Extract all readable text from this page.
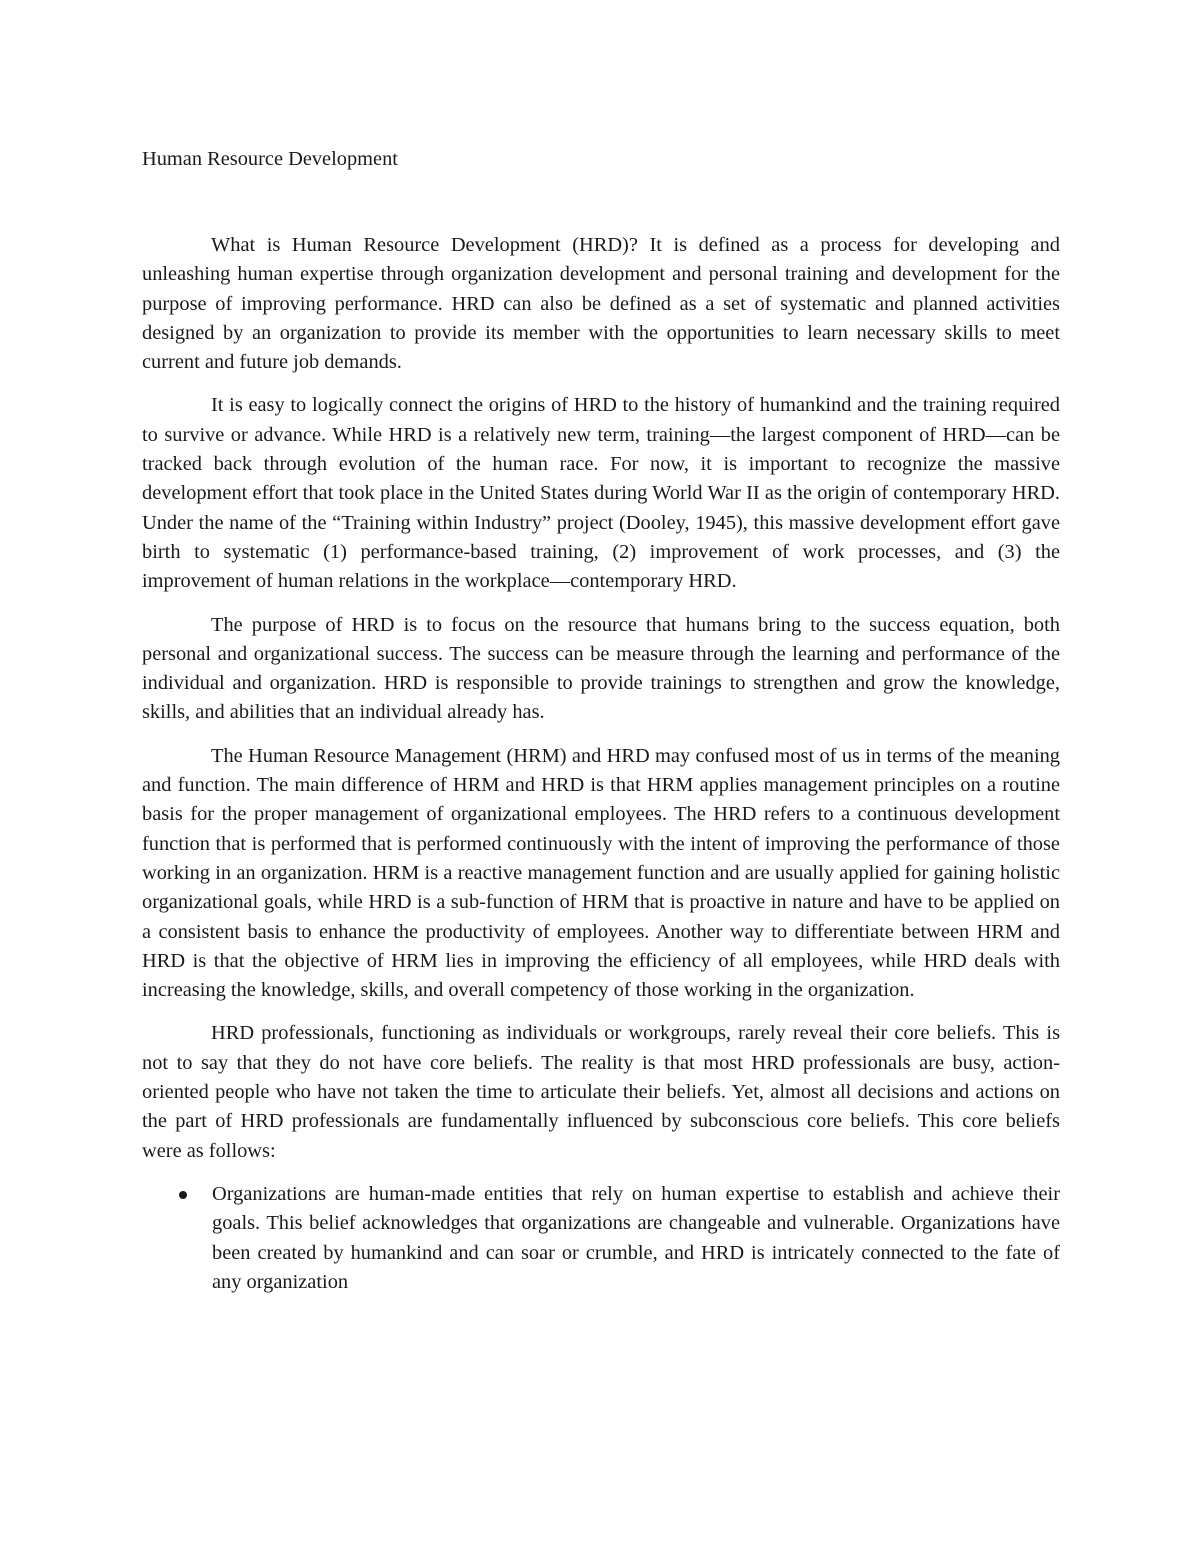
Human Resource Development

What is Human Resource Development (HRD)? It is defined as a process for developing and unleashing human expertise through organization development and personal training and development for the purpose of improving performance. HRD can also be defined as a set of systematic and planned activities designed by an organization to provide its member with the opportunities to learn necessary skills to meet current and future job demands.

It is easy to logically connect the origins of HRD to the history of humankind and the training required to survive or advance. While HRD is a relatively new term, training—the largest component of HRD—can be tracked back through evolution of the human race. For now, it is important to recognize the massive development effort that took place in the United States during World War II as the origin of contemporary HRD. Under the name of the “Training within Industry” project (Dooley, 1945), this massive development effort gave birth to systematic (1) performance-based training, (2) improvement of work processes, and (3) the improvement of human relations in the workplace—contemporary HRD.

The purpose of HRD is to focus on the resource that humans bring to the success equation, both personal and organizational success. The success can be measure through the learning and performance of the individual and organization. HRD is responsible to provide trainings to strengthen and grow the knowledge, skills, and abilities that an individual already has.

The Human Resource Management (HRM) and HRD may confused most of us in terms of the meaning and function. The main difference of HRM and HRD is that HRM applies management principles on a routine basis for the proper management of organizational employees. The HRD refers to a continuous development function that is performed that is performed continuously with the intent of improving the performance of those working in an organization. HRM is a reactive management function and are usually applied for gaining holistic organizational goals, while HRD is a sub-function of HRM that is proactive in nature and have to be applied on a consistent basis to enhance the productivity of employees. Another way to differentiate between HRM and HRD is that the objective of HRM lies in improving the efficiency of all employees, while HRD deals with increasing the knowledge, skills, and overall competency of those working in the organization.

HRD professionals, functioning as individuals or workgroups, rarely reveal their core beliefs. This is not to say that they do not have core beliefs. The reality is that most HRD professionals are busy, action-oriented people who have not taken the time to articulate their beliefs. Yet, almost all decisions and actions on the part of HRD professionals are fundamentally influenced by subconscious core beliefs. This core beliefs were as follows:

Organizations are human-made entities that rely on human expertise to establish and achieve their goals. This belief acknowledges that organizations are changeable and vulnerable. Organizations have been created by humankind and can soar or crumble, and HRD is intricately connected to the fate of any organization
